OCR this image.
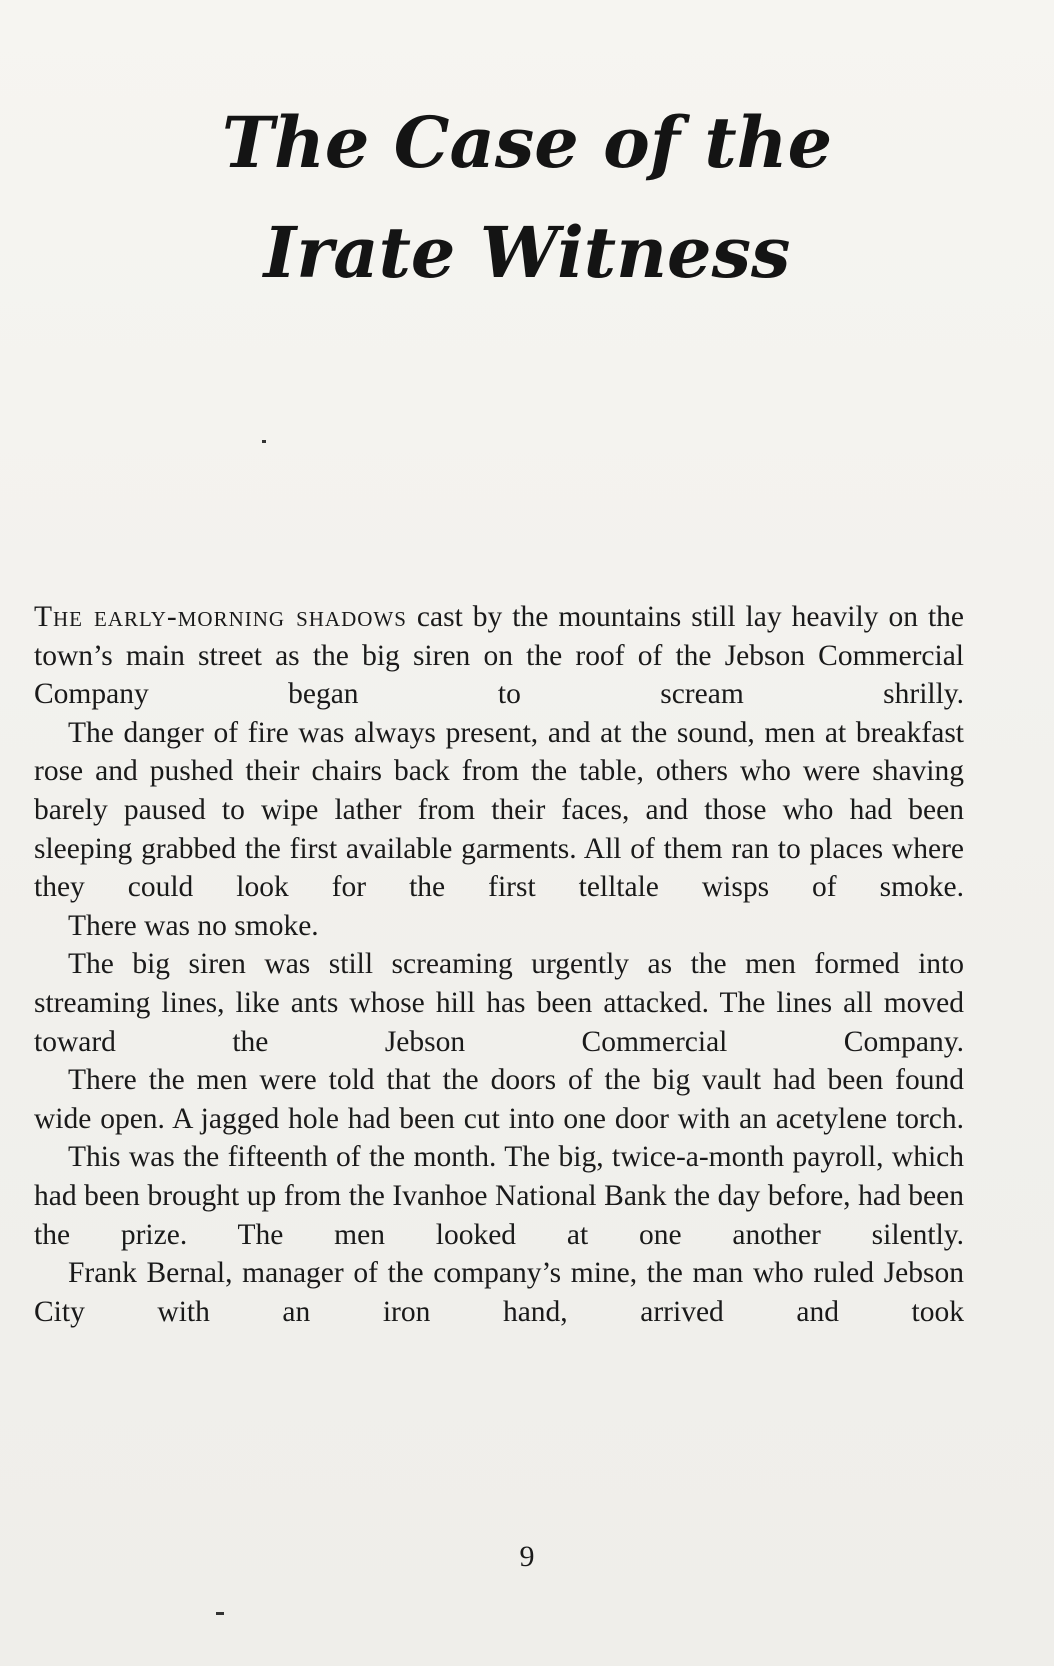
The Case of the
Irate Witness

The early-morning shadows cast by the mountains still lay heavily on the town’s main street as the big siren on the roof of the Jebson Commercial Company began to scream shrilly.

The danger of fire was always present, and at the sound, men at breakfast rose and pushed their chairs back from the table, others who were shaving barely paused to wipe lather from their faces, and those who had been sleeping grabbed the first available garments. All of them ran to places where they could look for the first telltale wisps of smoke.

There was no smoke.

The big siren was still screaming urgently as the men formed into streaming lines, like ants whose hill has been attacked. The lines all moved toward the Jebson Commercial Company.

There the men were told that the doors of the big vault had been found wide open. A jagged hole had been cut into one door with an acetylene torch.

This was the fifteenth of the month. The big, twice-a-month payroll, which had been brought up from the Ivanhoe National Bank the day before, had been the prize. The men looked at one another silently.

Frank Bernal, manager of the company’s mine, the man who ruled Jebson City with an iron hand, arrived and took

9
